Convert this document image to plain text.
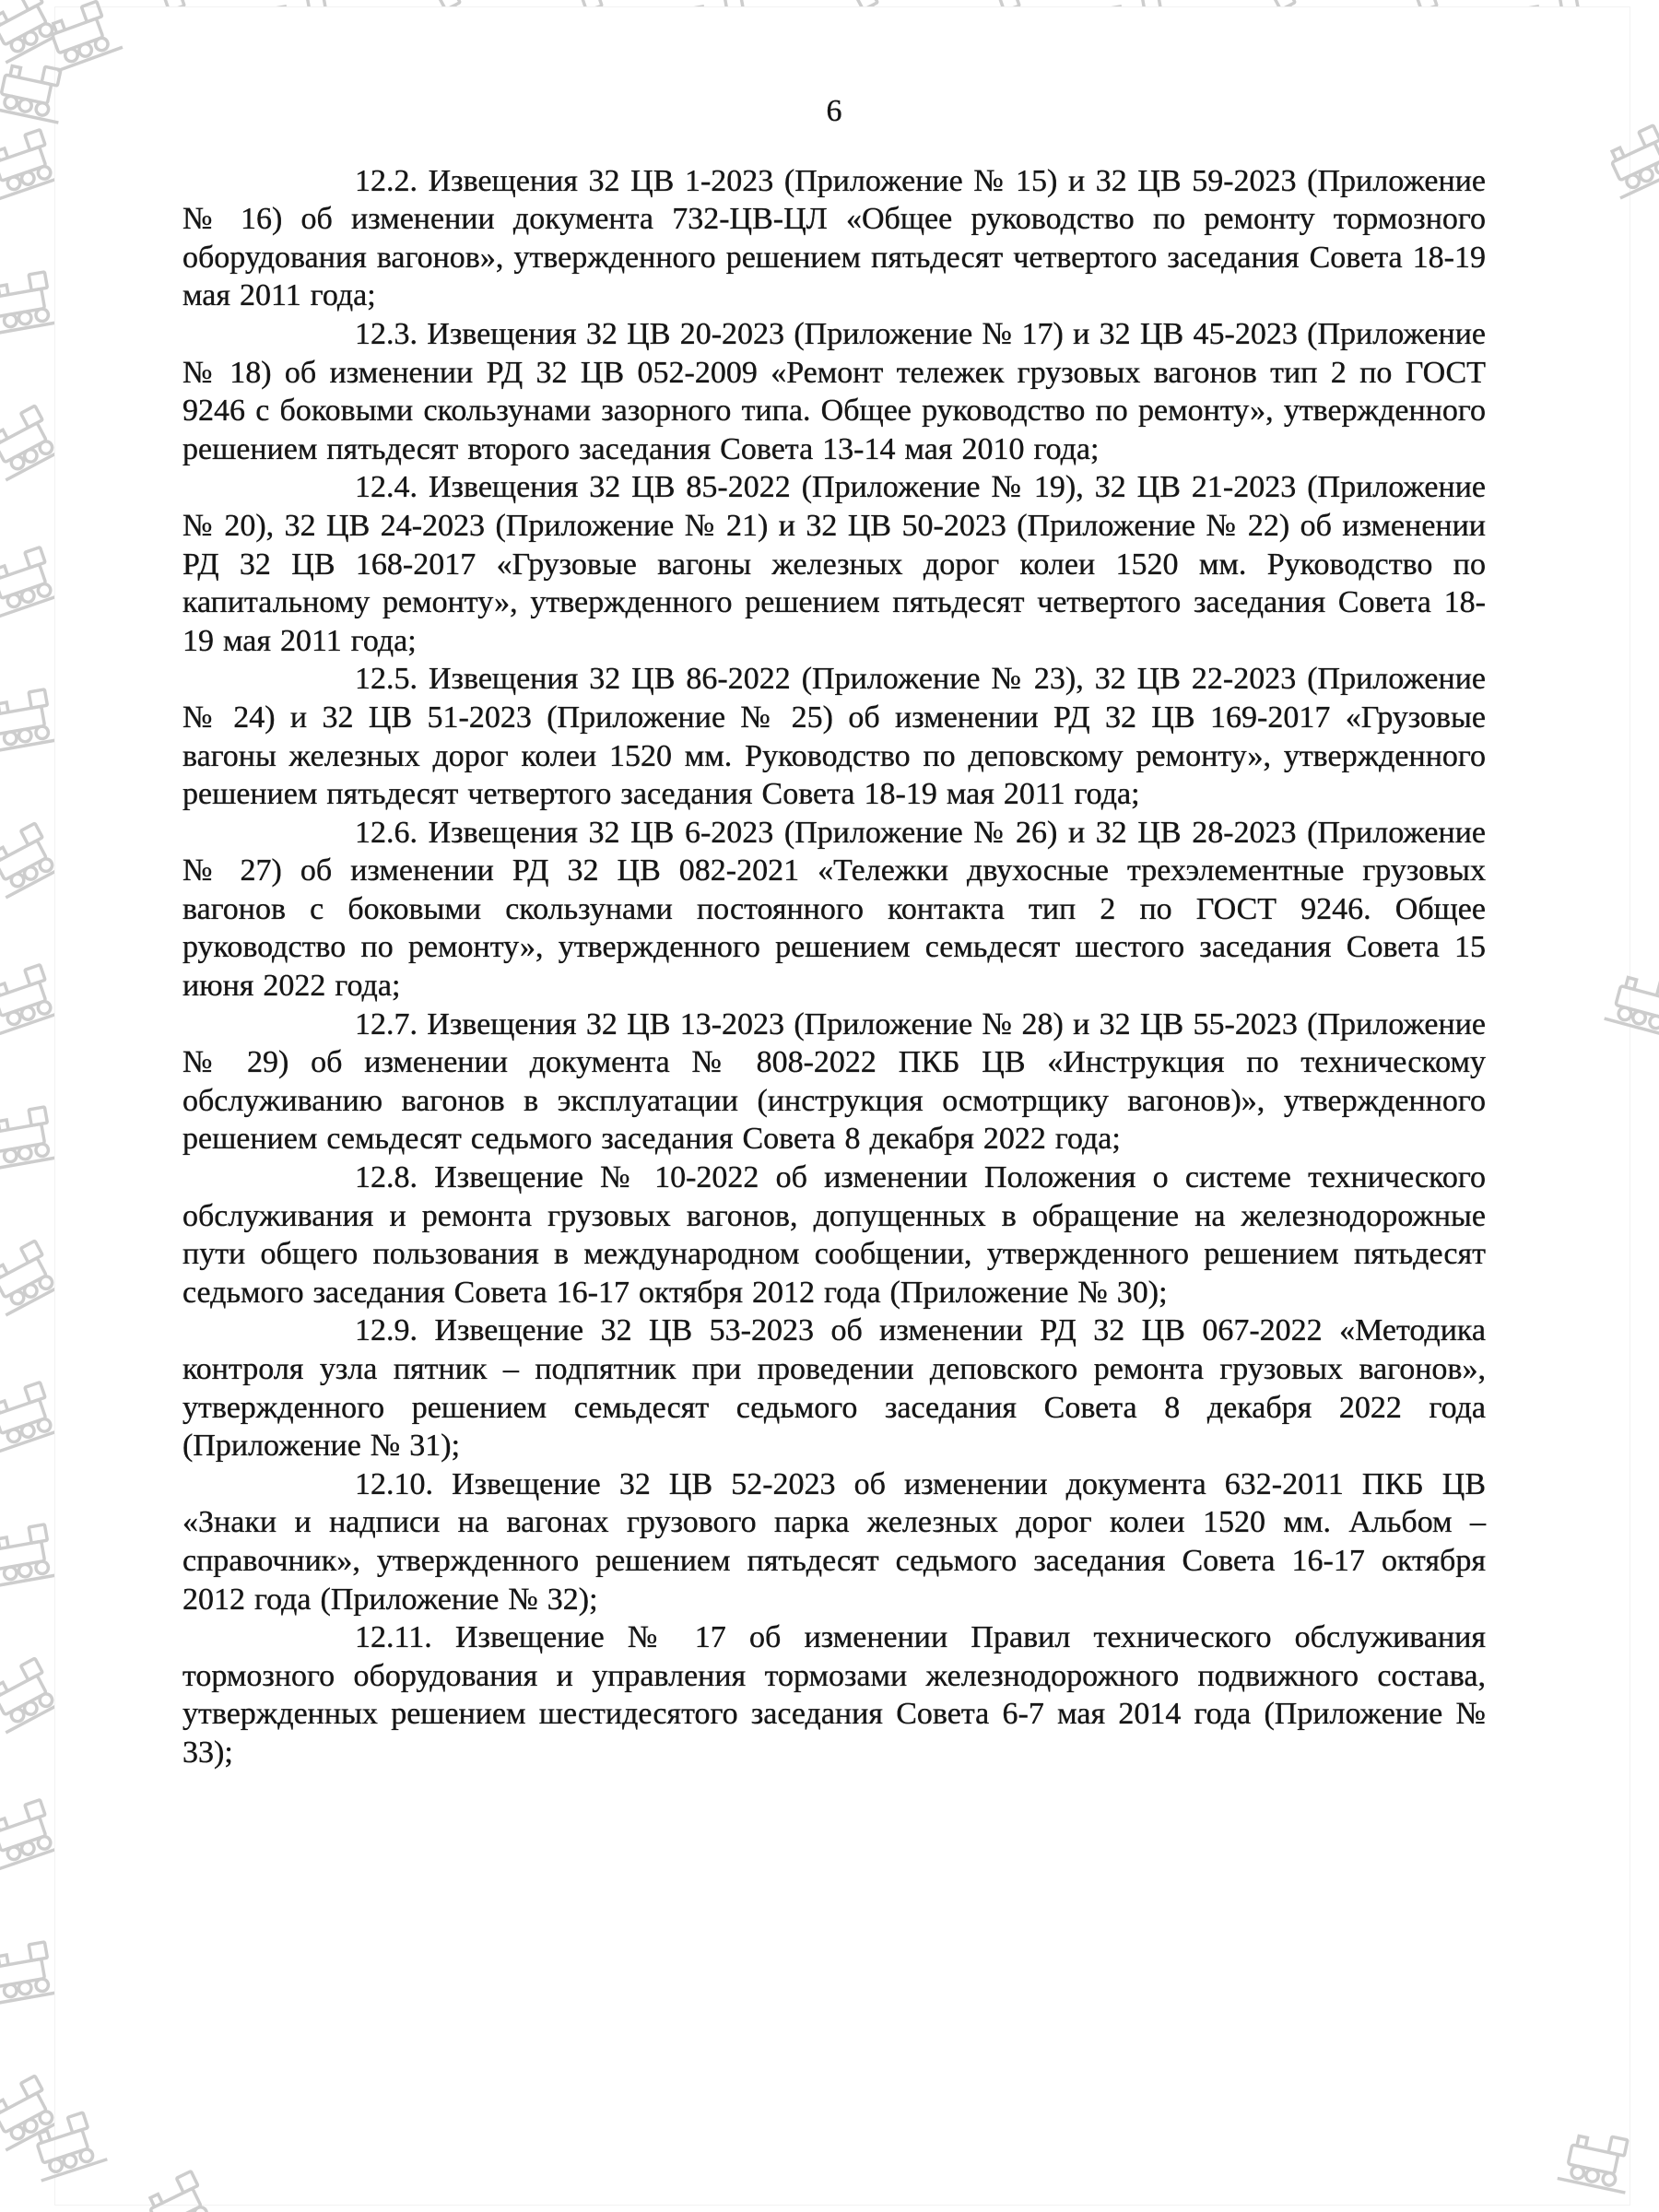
6

12.2. Извещения 32 ЦВ 1-2023 (Приложение № 15) и 32 ЦВ 59-2023 (Приложение № 16) об изменении документа 732-ЦВ-ЦЛ «Общее руководство по ремонту тормозного оборудования вагонов», утвержденного решением пятьдесят четвертого заседания Совета 18-19 мая 2011 года;

12.3. Извещения 32 ЦВ 20-2023 (Приложение № 17) и 32 ЦВ 45-2023 (Приложение № 18) об изменении РД 32 ЦВ 052-2009 «Ремонт тележек грузовых вагонов тип 2 по ГОСТ 9246 с боковыми скользунами зазорного типа. Общее руководство по ремонту», утвержденного решением пятьдесят второго заседания Совета 13-14 мая 2010 года;

12.4. Извещения 32 ЦВ 85-2022 (Приложение № 19), 32 ЦВ 21-2023 (Приложение № 20), 32 ЦВ 24-2023 (Приложение № 21) и 32 ЦВ 50-2023 (Приложение № 22) об изменении РД 32 ЦВ 168-2017 «Грузовые вагоны железных дорог колеи 1520 мм. Руководство по капитальному ремонту», утвержденного решением пятьдесят четвертого заседания Совета 18-19 мая 2011 года;

12.5. Извещения 32 ЦВ 86-2022 (Приложение № 23), 32 ЦВ 22-2023 (Приложение № 24) и 32 ЦВ 51-2023 (Приложение № 25) об изменении РД 32 ЦВ 169-2017 «Грузовые вагоны железных дорог колеи 1520 мм. Руководство по деповскому ремонту», утвержденного решением пятьдесят четвертого заседания Совета 18-19 мая 2011 года;

12.6. Извещения 32 ЦВ 6-2023 (Приложение № 26) и 32 ЦВ 28-2023 (Приложение № 27) об изменении РД 32 ЦВ 082-2021 «Тележки двухосные трехэлементные грузовых вагонов с боковыми скользунами постоянного контакта тип 2 по ГОСТ 9246. Общее руководство по ремонту», утвержденного решением семьдесят шестого заседания Совета 15 июня 2022 года;

12.7. Извещения 32 ЦВ 13-2023 (Приложение № 28) и 32 ЦВ 55-2023 (Приложение № 29) об изменении документа № 808-2022 ПКБ ЦВ «Инструкция по техническому обслуживанию вагонов в эксплуатации (инструкция осмотрщику вагонов)», утвержденного решением семьдесят седьмого заседания Совета 8 декабря 2022 года;

12.8. Извещение № 10-2022 об изменении Положения о системе технического обслуживания и ремонта грузовых вагонов, допущенных в обращение на железнодорожные пути общего пользования в международном сообщении, утвержденного решением пятьдесят седьмого заседания Совета 16-17 октября 2012 года (Приложение № 30);

12.9. Извещение 32 ЦВ 53-2023 об изменении РД 32 ЦВ 067-2022 «Методика контроля узла пятник – подпятник при проведении деповского ремонта грузовых вагонов», утвержденного решением семьдесят седьмого заседания Совета 8 декабря 2022 года (Приложение № 31);

12.10. Извещение 32 ЦВ 52-2023 об изменении документа 632-2011 ПКБ ЦВ «Знаки и надписи на вагонах грузового парка железных дорог колеи 1520 мм. Альбом – справочник», утвержденного решением пятьдесят седьмого заседания Совета 16-17 октября 2012 года (Приложение № 32);

12.11. Извещение № 17 об изменении Правил технического обслуживания тормозного оборудования и управления тормозами железнодорожного подвижного состава, утвержденных решением шестидесятого заседания Совета 6-7 мая 2014 года (Приложение № 33);
